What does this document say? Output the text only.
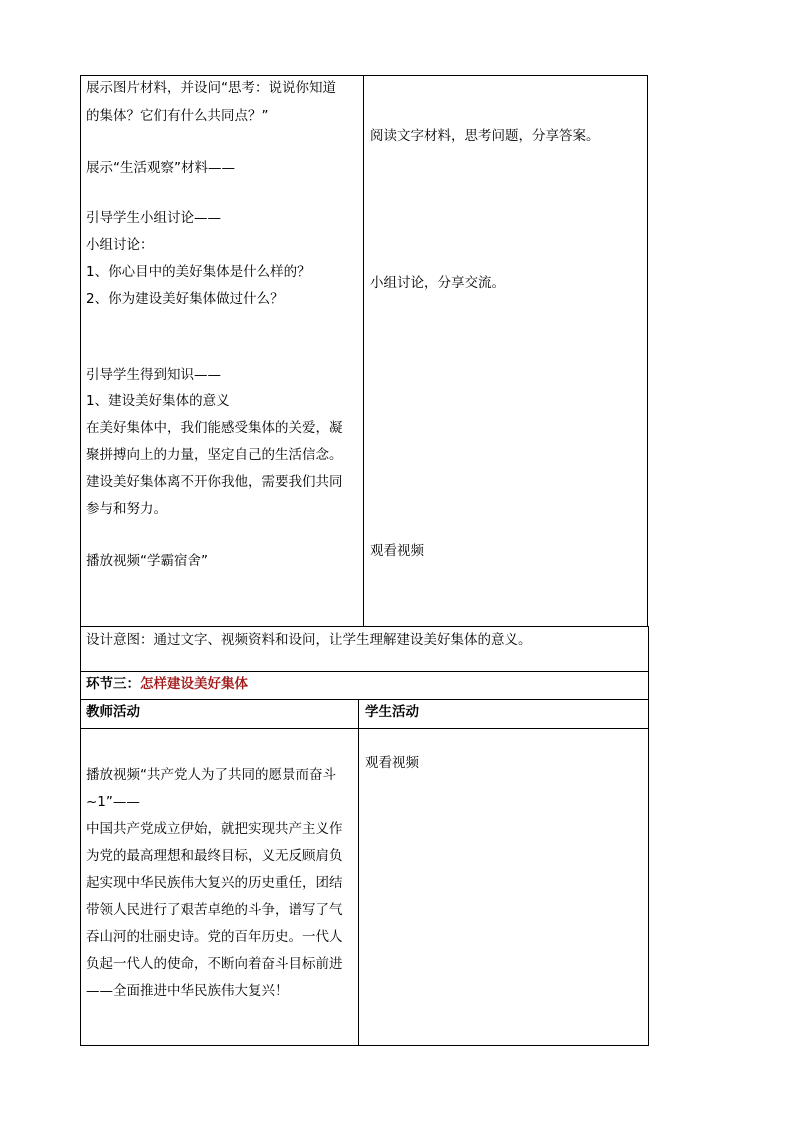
展示图片材料，并设问“思考：说说你知道
的集体？它们有什么共同点？”
展示“生活观察”材料——
引导学生小组讨论——
小组讨论：
1、你心目中的美好集体是什么样的？
2、你为建设美好集体做过什么？
引导学生得到知识——
1、建设美好集体的意义
在美好集体中，我们能感受集体的关爱，凝
聚拼搏向上的力量，坚定自己的生活信念。
建设美好集体离不开你我他，需要我们共同
参与和努力。
播放视频“学霸宿舍”
阅读文字材料，思考问题，分享答案。
小组讨论，分享交流。
观看视频
设计意图：通过文字、视频资料和设问，让学生理解建设美好集体的意义。
环节三：怎样建设美好集体
教师活动	学生活动
播放视频“共产党人为了共同的愿景而奋斗
~1”——
中国共产党成立伊始，就把实现共产主义作
为党的最高理想和最终目标，义无反顾肩负
起实现中华民族伟大复兴的历史重任，团结
带领人民进行了艰苦卓绝的斗争，谱写了气
吞山河的壮丽史诗。党的百年历史。一代人
负起一代人的使命，不断向着奋斗目标前进
——全面推进中华民族伟大复兴！
观看视频
